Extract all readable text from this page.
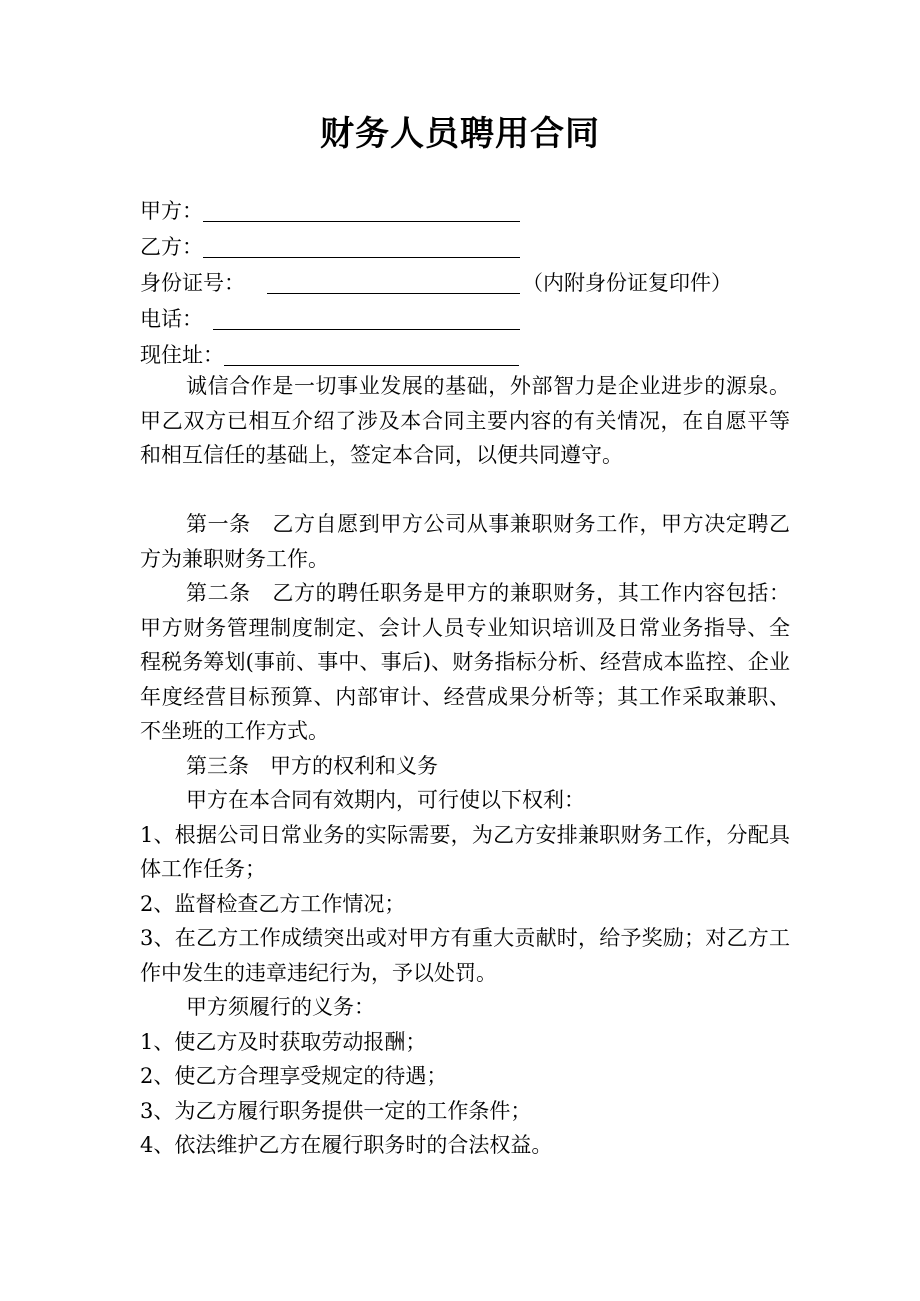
财务人员聘用合同
甲方：
乙方：
身份证号：	（内附身份证复印件）
电话：
现住址：

诚信合作是一切事业发展的基础，外部智力是企业进步的源泉。甲乙双方已相互介绍了涉及本合同主要内容的有关情况，在自愿平等和相互信任的基础上，签定本合同，以便共同遵守。

第一条　乙方自愿到甲方公司从事兼职财务工作，甲方决定聘乙方为兼职财务工作。

第二条　乙方的聘任职务是甲方的兼职财务，其工作内容包括：甲方财务管理制度制定、会计人员专业知识培训及日常业务指导、全程税务筹划(事前、事中、事后)、财务指标分析、经营成本监控、企业年度经营目标预算、内部审计、经营成果分析等；其工作采取兼职、不坐班的工作方式。

第三条　甲方的权利和义务

甲方在本合同有效期内，可行使以下权利：

1、根据公司日常业务的实际需要，为乙方安排兼职财务工作，分配具体工作任务；

2、监督检查乙方工作情况；

3、在乙方工作成绩突出或对甲方有重大贡献时，给予奖励；对乙方工作中发生的违章违纪行为，予以处罚。

甲方须履行的义务：

1、使乙方及时获取劳动报酬；

2、使乙方合理享受规定的待遇；

3、为乙方履行职务提供一定的工作条件；

4、依法维护乙方在履行职务时的合法权益。
